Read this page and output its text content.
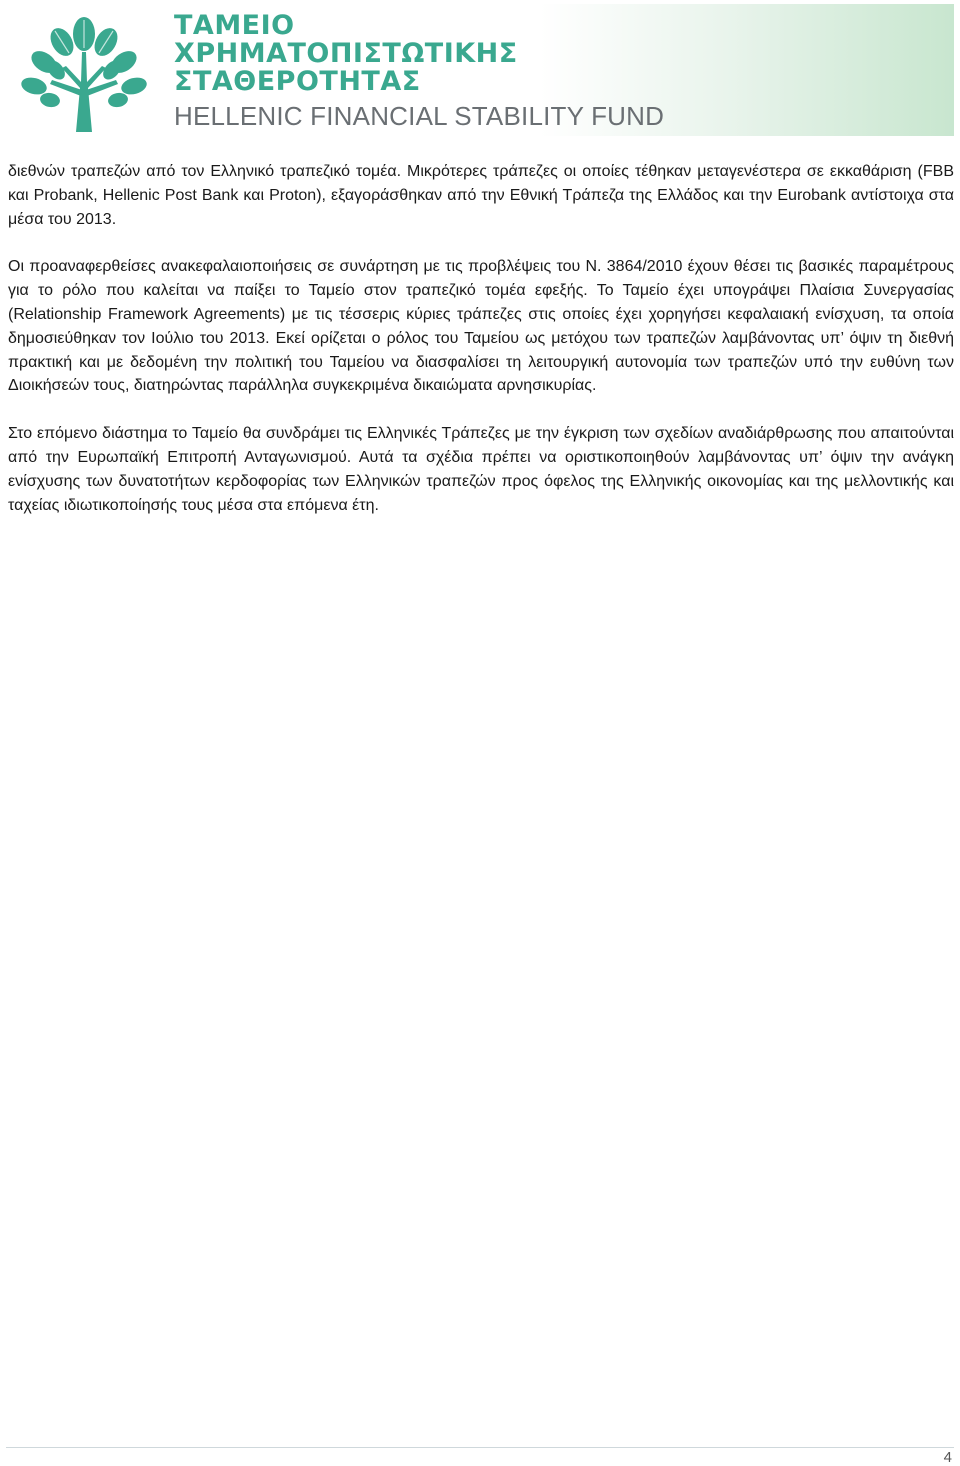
ΤΑΜΕΙΟ
ΧΡΗΜΑΤΟΠΙΣΤΩΤΙΚΗΣ
ΣΤΑΘΕΡΟΤΗΤΑΣ
HELLENIC FINANCIAL STABILITY FUND

διεθνών τραπεζών από τον Ελληνικό τραπεζικό τομέα. Μικρότερες τράπεζες οι οποίες τέθηκαν μεταγενέστερα σε εκκαθάριση (FBB και Probank, Hellenic Post Bank και Proton), εξαγοράσθηκαν από την Εθνική Τράπεζα της Ελλάδος και την Eurobank αντίστοιχα στα μέσα του 2013.

Οι προαναφερθείσες ανακεφαλαιοποιήσεις σε συνάρτηση με τις προβλέψεις του Ν. 3864/2010 έχουν θέσει τις βασικές παραμέτρους για το ρόλο που καλείται να παίξει το Ταμείο στον τραπεζικό τομέα εφεξής. Το Ταμείο έχει υπογράψει Πλαίσια Συνεργασίας (Relationship Framework Agreements) με τις τέσσερις κύριες τράπεζες στις οποίες έχει χορηγήσει κεφαλαιακή ενίσχυση, τα οποία δημοσιεύθηκαν τον Ιούλιο του 2013. Εκεί ορίζεται ο ρόλος του Ταμείου ως μετόχου των τραπεζών λαμβάνοντας υπ’ όψιν τη διεθνή πρακτική και με δεδομένη την πολιτική του Ταμείου να διασφαλίσει τη λειτουργική αυτονομία των τραπεζών υπό την ευθύνη των Διοικήσεών τους, διατηρώντας παράλληλα συγκεκριμένα δικαιώματα αρνησικυρίας.

Στο επόμενο διάστημα το Ταμείο θα συνδράμει τις Ελληνικές Τράπεζες με την έγκριση των σχεδίων αναδιάρθρωσης που απαιτούνται από την Ευρωπαϊκή Επιτροπή Ανταγωνισμού. Αυτά τα σχέδια πρέπει να οριστικοποιηθούν λαμβάνοντας υπ’ όψιν την ανάγκη ενίσχυσης των δυνατοτήτων κερδοφορίας των Ελληνικών τραπεζών προς όφελος της Ελληνικής οικονομίας και της μελλοντικής και ταχείας ιδιωτικοποίησής τους μέσα στα επόμενα έτη.

4
